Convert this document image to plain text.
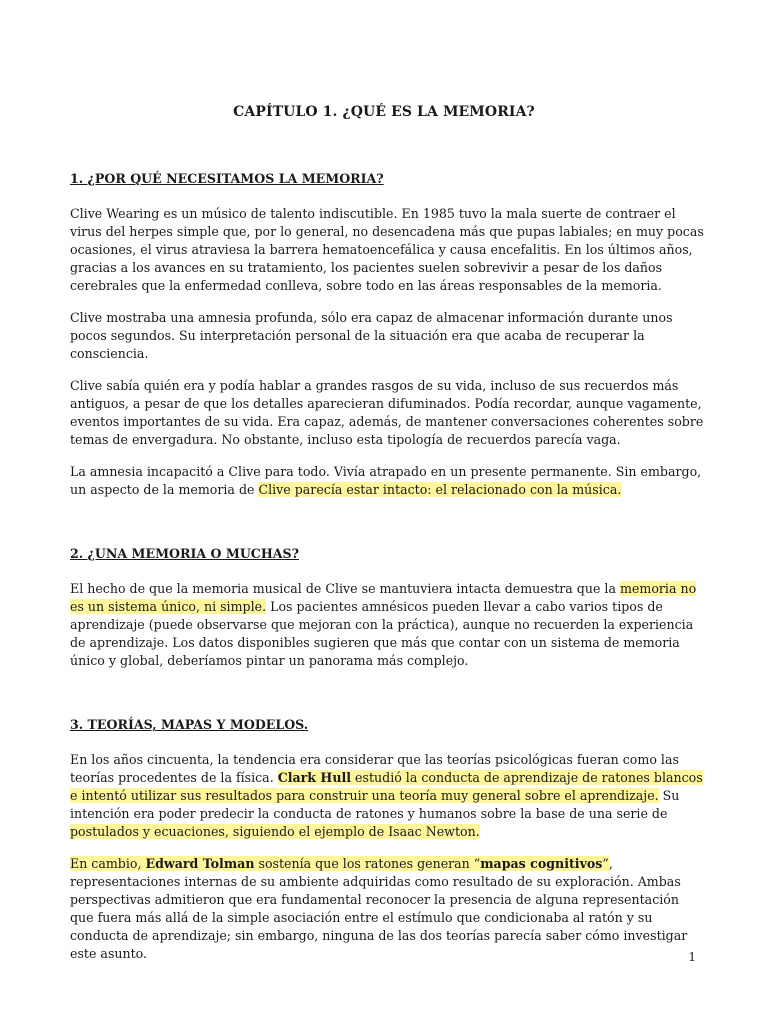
CAPÍTULO 1. ¿QUÉ ES LA MEMORIA?
1. ¿POR QUÉ NECESITAMOS LA MEMORIA?

Clive Wearing es un músico de talento indiscutible. En 1985 tuvo la mala suerte de contraer el virus del herpes simple que, por lo general, no desencadena más que pupas labiales; en muy pocas ocasiones, el virus atraviesa la barrera hematoencefálica y causa encefalitis. En los últimos años, gracias a los avances en su tratamiento, los pacientes suelen sobrevivir a pesar de los daños cerebrales que la enfermedad conlleva, sobre todo en las áreas responsables de la memoria.

Clive mostraba una amnesia profunda, sólo era capaz de almacenar información durante unos pocos segundos. Su interpretación personal de la situación era que acaba de recuperar la consciencia.

Clive sabía quién era y podía hablar a grandes rasgos de su vida, incluso de sus recuerdos más antiguos, a pesar de que los detalles aparecieran difuminados. Podía recordar, aunque vagamente, eventos importantes de su vida. Era capaz, además, de mantener conversaciones coherentes sobre temas de envergadura. No obstante, incluso esta tipología de recuerdos parecía vaga.

La amnesia incapacitó a Clive para todo. Vivía atrapado en un presente permanente. Sin embargo, un aspecto de la memoria de Clive parecía estar intacto: el relacionado con la música.

2. ¿UNA MEMORIA O MUCHAS?

El hecho de que la memoria musical de Clive se mantuviera intacta demuestra que la memoria no es un sistema único, ni simple. Los pacientes amnésicos pueden llevar a cabo varios tipos de aprendizaje (puede observarse que mejoran con la práctica), aunque no recuerden la experiencia de aprendizaje. Los datos disponibles sugieren que más que contar con un sistema de memoria único y global, deberíamos pintar un panorama más complejo.

3. TEORÍAS, MAPAS Y MODELOS.

En los años cincuenta, la tendencia era considerar que las teorías psicológicas fueran como las teorías procedentes de la física. Clark Hull estudió la conducta de aprendizaje de ratones blancos e intentó utilizar sus resultados para construir una teoría muy general sobre el aprendizaje. Su intención era poder predecir la conducta de ratones y humanos sobre la base de una serie de postulados y ecuaciones, siguiendo el ejemplo de Isaac Newton.

En cambio, Edward Tolman sostenía que los ratones generan “mapas cognitivos”, representaciones internas de su ambiente adquiridas como resultado de su exploración. Ambas perspectivas admitieron que era fundamental reconocer la presencia de alguna representación que fuera más allá de la simple asociación entre el estímulo que condicionaba al ratón y su conducta de aprendizaje; sin embargo, ninguna de las dos teorías parecía saber cómo investigar este asunto.	1
